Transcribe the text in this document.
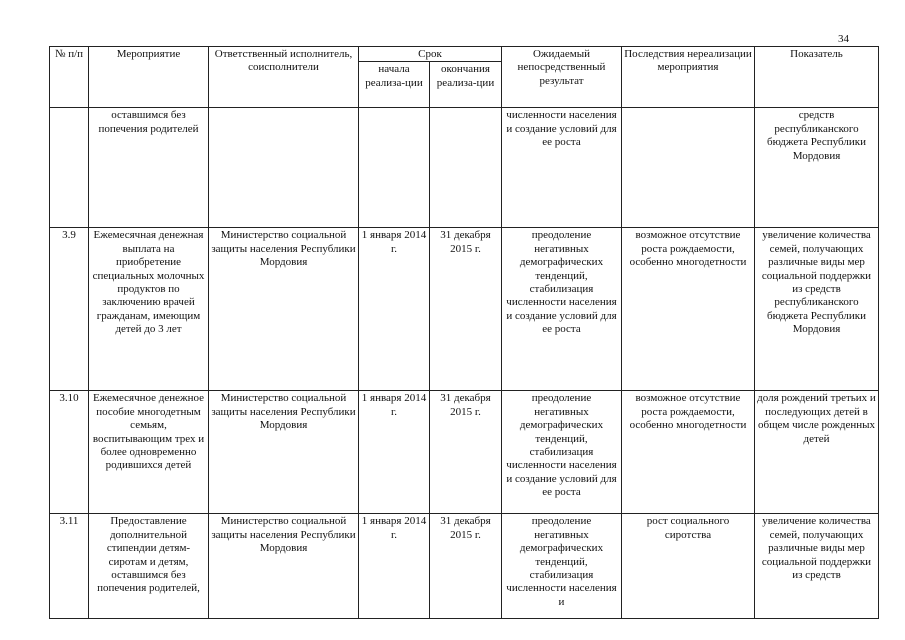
34
№ п/п	Мероприятие	Ответственный исполнитель, соисполнители	Срок		Ожидаемый непосредственный результат	Последствия нереализации мероприятия	Показатель
			начала реализа-ции	окончания реализа-ции			
	оставшимся без попечения родителей				численности населения и создание условий для ее роста		средств республиканского бюджета Республики Мордовия
3.9	Ежемесячная денежная выплата на приобретение специальных молочных продуктов по заключению врачей гражданам, имеющим детей до 3 лет	Министерство социальной защиты населения Республики Мордовия	1 января 2014 г.	31 декабря 2015 г.	преодоление негативных демографических тенденций, стабилизация численности населения и создание условий для ее роста	возможное отсутствие роста рождаемости, особенно многодетности	увеличение количества семей, получающих различные виды мер социальной поддержки из средств республиканского бюджета Республики Мордовия
3.10	Ежемесячное денежное пособие многодетным семьям, воспитывающим трех и более одновременно родившихся детей	Министерство социальной защиты населения Республики Мордовия	1 января 2014 г.	31 декабря 2015 г.	преодоление негативных демографических тенденций, стабилизация численности населения и создание условий для ее роста	возможное отсутствие роста рождаемости, особенно многодетности	доля рождений третьих и последующих детей в общем числе рожденных детей
3.11	Предоставление дополнительной стипендии детям-сиротам и детям, оставшимся без попечения родителей,	Министерство социальной защиты населения Республики Мордовия	1 января 2014 г.	31 декабря 2015 г.	преодоление негативных демографических тенденций, стабилизация численности населения и	рост социального сиротства	увеличение количества семей, получающих различные виды мер социальной поддержки из средств
